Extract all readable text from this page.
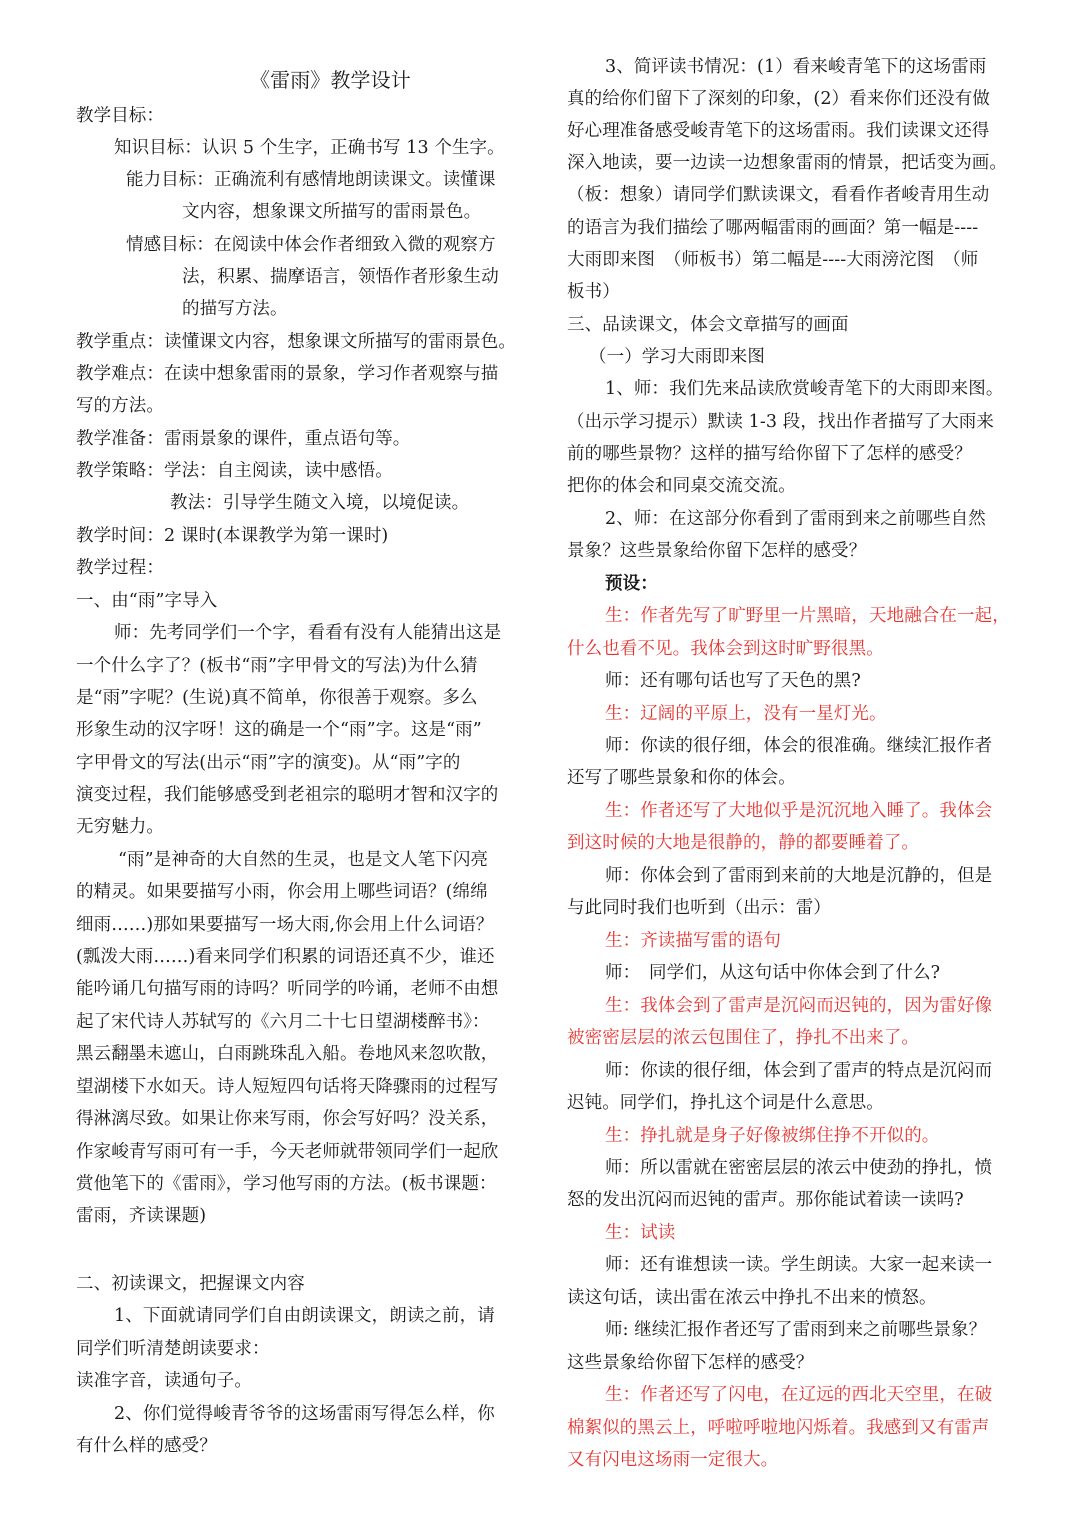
《雷雨》教学设计
教学目标：
知识目标：认识 5 个生字，正确书写 13 个生字。
能力目标：正确流利有感情地朗读课文。读懂课
文内容，想象课文所描写的雷雨景色。
情感目标：在阅读中体会作者细致入微的观察方
法，积累、揣摩语言，领悟作者形象生动
的描写方法。
教学重点：读懂课文内容，想象课文所描写的雷雨景色。
教学难点：在读中想象雷雨的景象，学习作者观察与描
写的方法。
教学准备：雷雨景象的课件，重点语句等。
教学策略：学法：自主阅读，读中感悟。
教法：引导学生随文入境，以境促读。
教学时间：2 课时(本课教学为第一课时)
教学过程：
一、由“雨”字导入
师：先考同学们一个字，看看有没有人能猜出这是
一个什么字了？(板书“雨”字甲骨文的写法)为什么猜
是“雨”字呢？(生说)真不简单，你很善于观察。多么
形象生动的汉字呀！这的确是一个“雨”字。这是“雨”
字甲骨文的写法(出示“雨”字的演变)。从“雨”字的
演变过程，我们能够感受到老祖宗的聪明才智和汉字的
无穷魅力。
“雨”是神奇的大自然的生灵，也是文人笔下闪亮
的精灵。如果要描写小雨，你会用上哪些词语？(绵绵
细雨……)那如果要描写一场大雨,你会用上什么词语？
(瓢泼大雨……)看来同学们积累的词语还真不少，谁还
能吟诵几句描写雨的诗吗？听同学的吟诵，老师不由想
起了宋代诗人苏轼写的《六月二十七日望湖楼醉书》：
黑云翻墨未遮山，白雨跳珠乱入船。卷地风来忽吹散，
望湖楼下水如天。诗人短短四句话将天降骤雨的过程写
得淋漓尽致。如果让你来写雨，你会写好吗？没关系，
作家峻青写雨可有一手，今天老师就带领同学们一起欣
赏他笔下的《雷雨》，学习他写雨的方法。(板书课题：
雷雨，齐读课题)
二、初读课文，把握课文内容
1、下面就请同学们自由朗读课文，朗读之前，请
同学们听清楚朗读要求：
读准字音，读通句子。
2、你们觉得峻青爷爷的这场雷雨写得怎么样，你
有什么样的感受？
3、简评读书情况：(1）看来峻青笔下的这场雷雨
真的给你们留下了深刻的印象，(2）看来你们还没有做
好心理准备感受峻青笔下的这场雷雨。我们读课文还得
深入地读，要一边读一边想象雷雨的情景，把话变为画。
（板：想象）请同学们默读课文，看看作者峻青用生动
的语言为我们描绘了哪两幅雷雨的画面？第一幅是----
大雨即来图　（师板书）第二幅是----大雨滂沱图　（师
板书）
三、品读课文，体会文章描写的画面
（一）学习大雨即来图
1、师：我们先来品读欣赏峻青笔下的大雨即来图。
（出示学习提示）默读 1-3 段，找出作者描写了大雨来
前的哪些景物？这样的描写给你留下了怎样的感受？
把你的体会和同桌交流交流。
2、师：在这部分你看到了雷雨到来之前哪些自然
景象？这些景象给你留下怎样的感受？
预设：
生：作者先写了旷野里一片黑暗，天地融合在一起，
什么也看不见。我体会到这时旷野很黑。
师：还有哪句话也写了天色的黑?
生：辽阔的平原上，没有一星灯光。
师：你读的很仔细，体会的很准确。继续汇报作者
还写了哪些景象和你的体会。
生：作者还写了大地似乎是沉沉地入睡了。我体会
到这时候的大地是很静的，静的都要睡着了。
师：你体会到了雷雨到来前的大地是沉静的，但是
与此同时我们也听到（出示：雷）
生：齐读描写雷的语句
师：　同学们，从这句话中你体会到了什么?
生：我体会到了雷声是沉闷而迟钝的，因为雷好像
被密密层层的浓云包围住了，挣扎不出来了。
师：你读的很仔细，体会到了雷声的特点是沉闷而
迟钝。同学们，挣扎这个词是什么意思。
生：挣扎就是身子好像被绑住挣不开似的。
师：所以雷就在密密层层的浓云中使劲的挣扎，愤
怒的发出沉闷而迟钝的雷声。那你能试着读一读吗?
生：试读
师：还有谁想读一读。学生朗读。大家一起来读一
读这句话，读出雷在浓云中挣扎不出来的愤怒。
师: 继续汇报作者还写了雷雨到来之前哪些景象？
这些景象给你留下怎样的感受？
生：作者还写了闪电，在辽远的西北天空里，在破
棉絮似的黑云上，呼啦呼啦地闪烁着。我感到又有雷声
又有闪电这场雨一定很大。
